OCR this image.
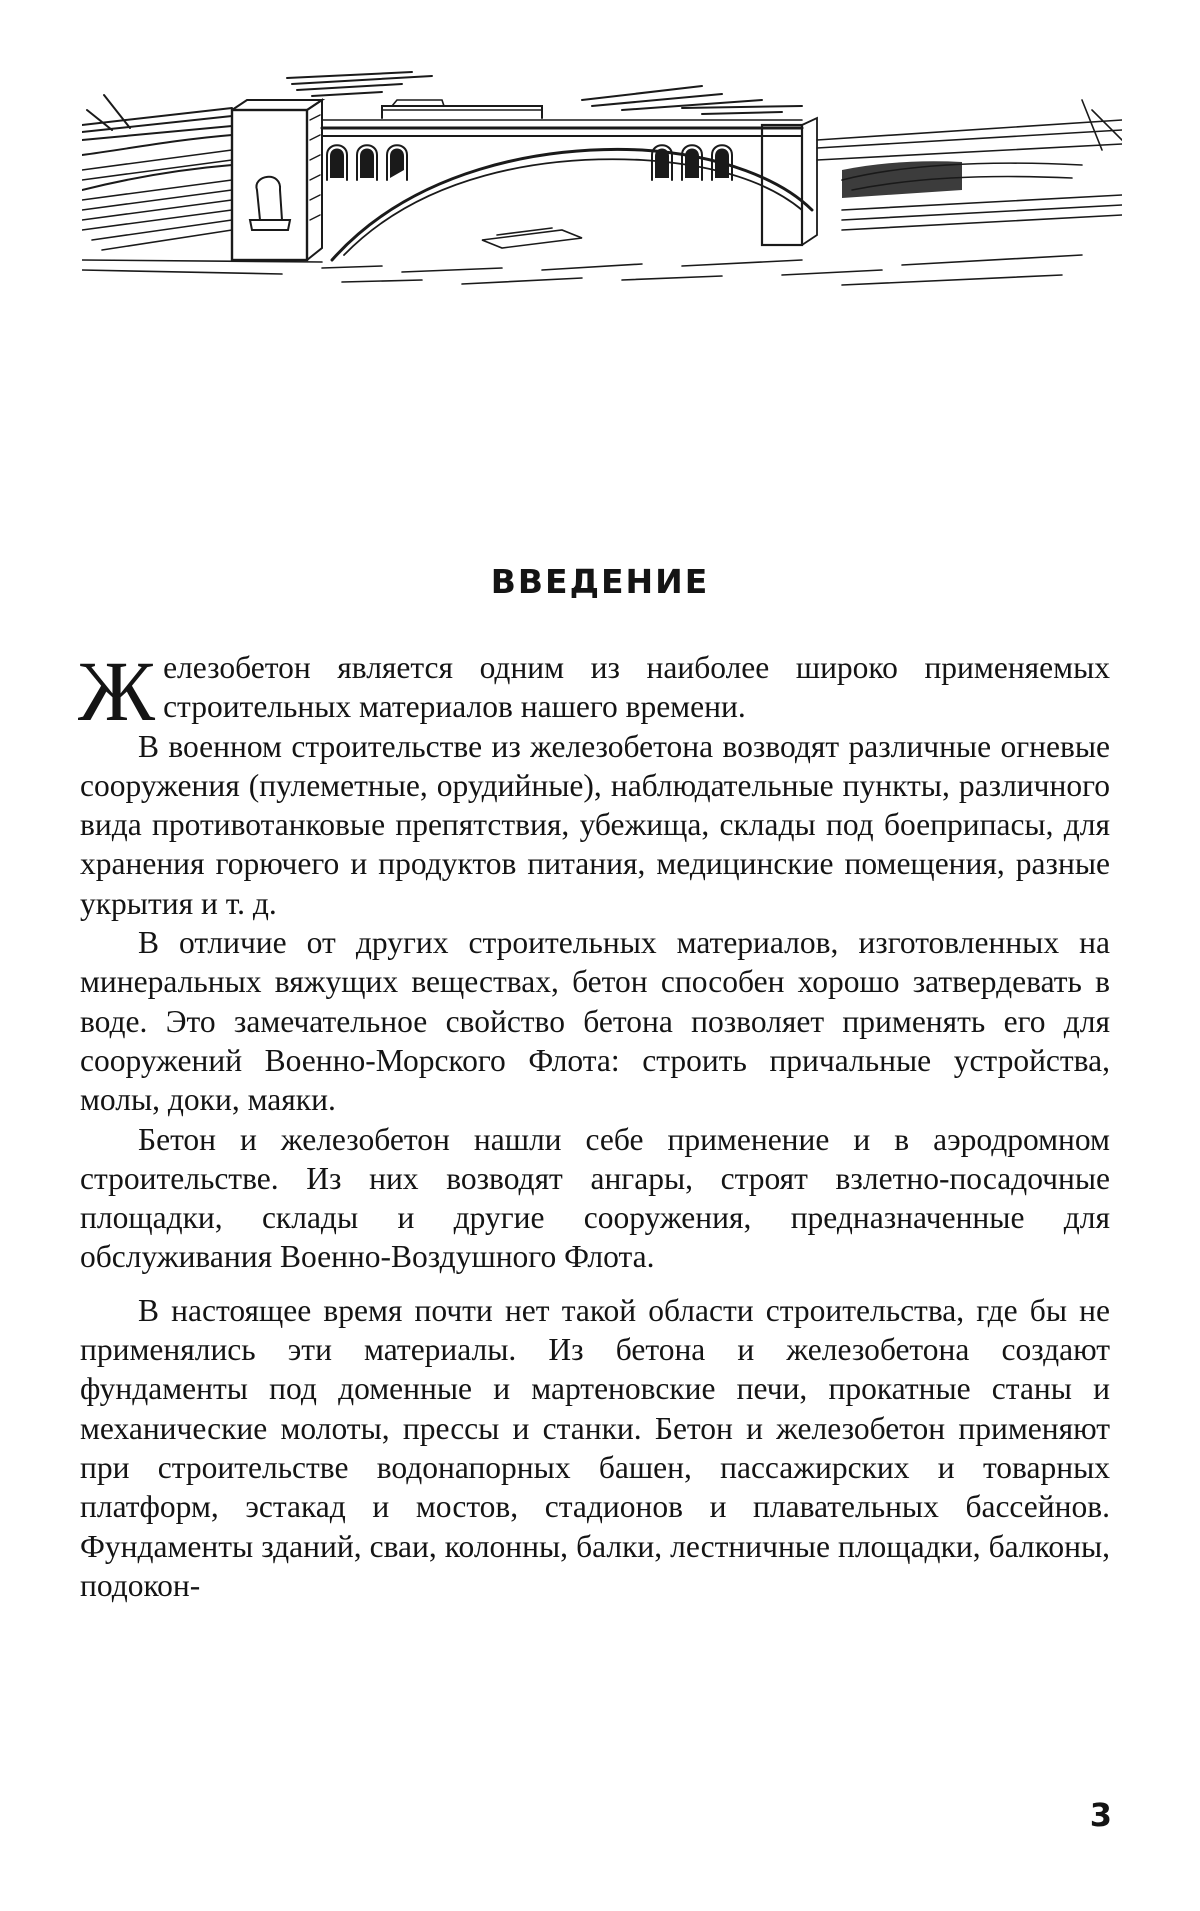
ВВЕДЕНИЕ

Железобетон является одним из наиболее широко применяемых строительных материалов нашего времени.

В военном строительстве из железобетона возводят различные огневые сооружения (пулеметные, орудийные), наблюдательные пункты, различного вида противотанковые препятствия, убежища, склады под боеприпасы, для хранения горючего и продуктов питания, медицинские помещения, разные укрытия и т. д.

В отличие от других строительных материалов, изготовленных на минеральных вяжущих веществах, бетон способен хорошо затвердевать в воде. Это замечательное свойство бетона позволяет применять его для сооружений Военно-Морского Флота: строить причальные устройства, молы, доки, маяки.

Бетон и железобетон нашли себе применение и в аэродромном строительстве. Из них возводят ангары, строят взлетно-посадочные площадки, склады и другие сооружения, предназначенные для обслуживания Военно-Воздушного Флота.

В настоящее время почти нет такой области строительства, где бы не применялись эти материалы. Из бетона и железобетона создают фундаменты под доменные и мартеновские печи, прокатные станы и механические молоты, прессы и станки. Бетон и железобетон применяют при строительстве водонапорных башен, пассажирских и товарных платформ, эстакад и мостов, стадионов и плавательных бассейнов. Фундаменты зданий, сваи, колонны, балки, лестничные площадки, балконы, подокон-

3
